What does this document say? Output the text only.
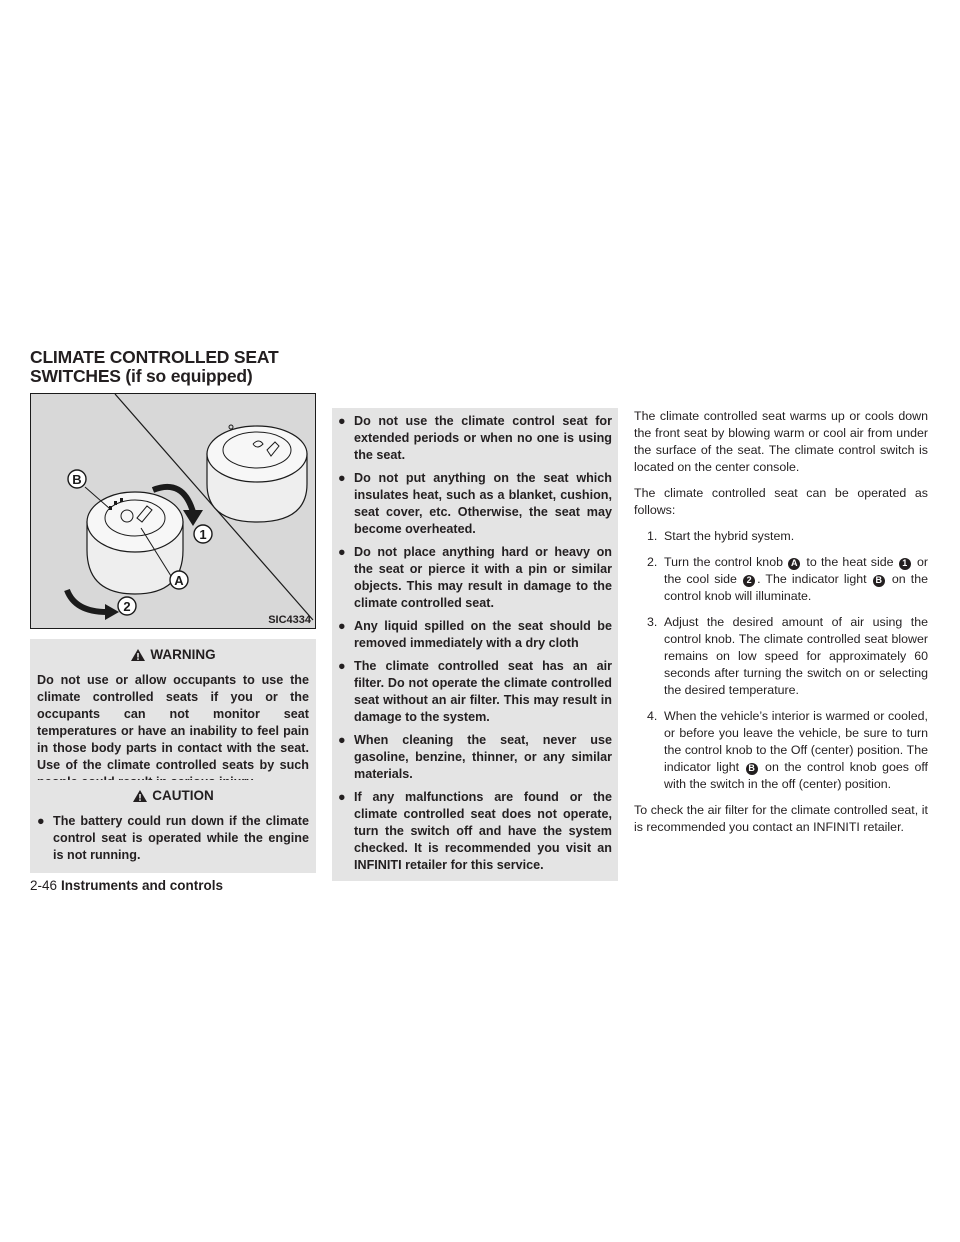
CLIMATE CONTROLLED SEAT
SWITCHES (if so equipped)
B
1
A
2
SIC4334
WARNING

Do not use or allow occupants to use the climate controlled seats if you or the occupants can not monitor seat temperatures or have an inability to feel pain in those body parts in contact with the seat. Use of the climate controlled seats by such

CAUTION
● The battery could run down if the climate control seat is operated while the engine is not running.
● Do not use the climate control seat for extended periods or when no one is using the seat.
● Do not put anything on the seat which insulates heat, such as a blanket, cushion, seat cover, etc. Otherwise, the seat may become overheated.
● Do not place anything hard or heavy on the seat or pierce it with a pin or similar objects. This may result in damage to the climate controlled seat.
● Any liquid spilled on the seat should be removed immediately with a dry cloth
● The climate controlled seat has an air filter. Do not operate the climate controlled seat without an air filter. This may result in damage to the system.
● When cleaning the seat, never use gasoline, benzine, thinner, or any similar materials.
● If any malfunctions are found or the climate controlled seat does not operate, turn the switch off and have the system checked. It is recommended you visit an INFINITI retailer for this service.

The climate controlled seat warms up or cools down the front seat by blowing warm or cool air from under the surface of the seat. The climate control switch is located on the center console.

The climate controlled seat can be operated as follows:

1. Start the hybrid system.
2. Turn the control knob A to the heat side 1 or the cool side 2 . The indicator light B on the control knob will illuminate.
3. Adjust the desired amount of air using the control knob. The climate controlled seat blower remains on low speed for approximately 60 seconds after turning the switch on or selecting the desired temperature.
4. When the vehicle’s interior is warmed or cooled, or before you leave the vehicle, be sure to turn the control knob to the Off (center) position. The indicator light B on the control knob goes off with the switch in the off (center) position.

To check the air filter for the climate controlled seat, it is recommended you contact an INFINITI retailer.

2-46 Instruments and controls
